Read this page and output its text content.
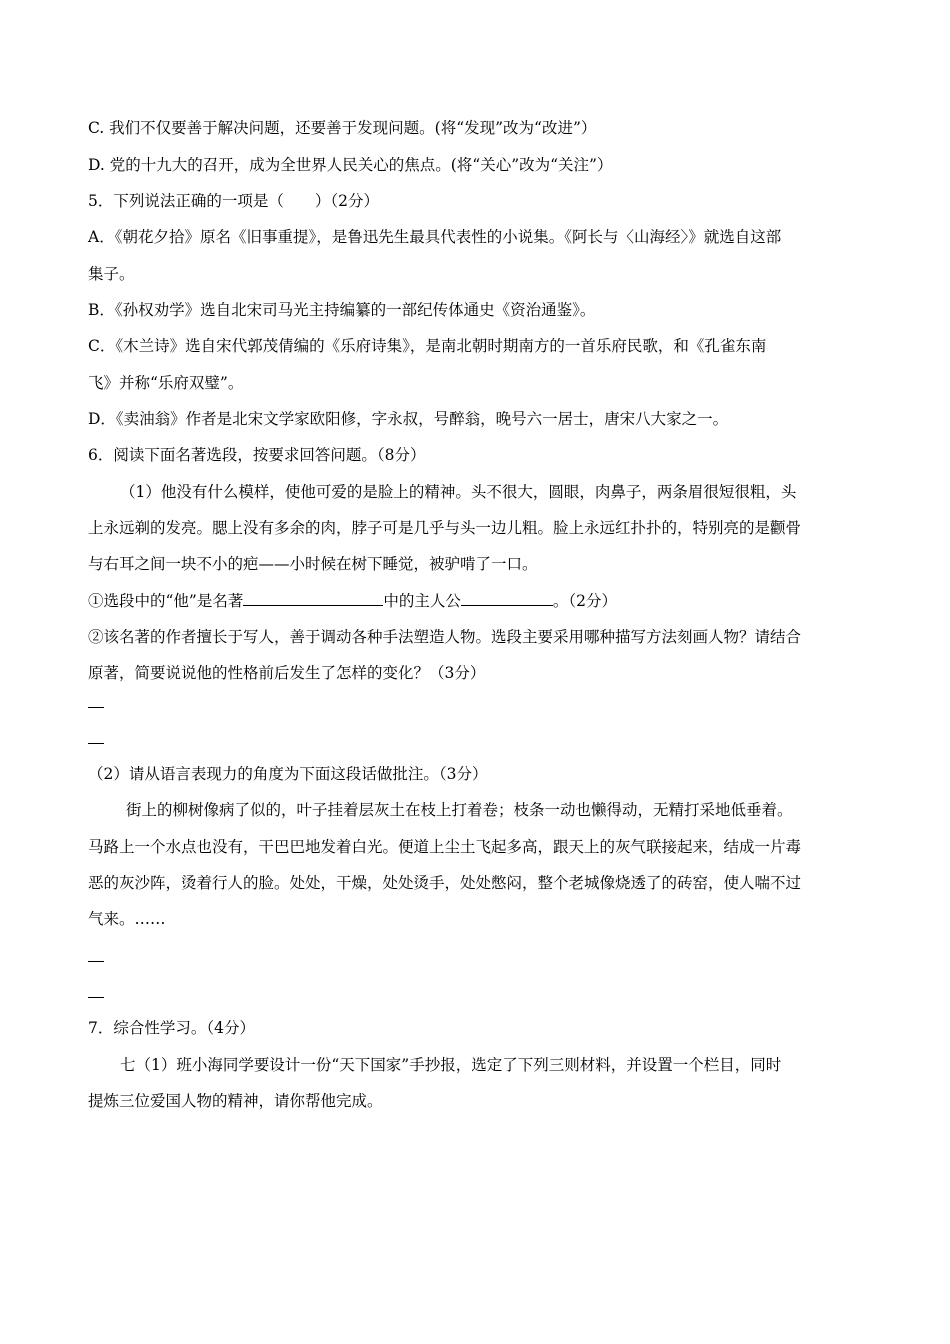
C. 我们不仅要善于解决问题，还要善于发现问题。(将“发现”改为“改进”）
D. 党的十九大的召开，成为全世界人民关心的焦点。(将“关心”改为“关注”）
5．下列说法正确的一项是（　　）（2分）
A．《朝花夕拾》原名《旧事重提》，是鲁迅先生最具代表性的小说集。《阿长与〈山海经〉》就选自这部
集子。
B．《孙权劝学》选自北宋司马光主持编纂的一部纪传体通史《资治通鉴》。
C．《木兰诗》选自宋代郭茂倩编的《乐府诗集》，是南北朝时期南方的一首乐府民歌，和《孔雀东南
飞》并称“乐府双璧”。
D．《卖油翁》作者是北宋文学家欧阳修，字永叔，号醉翁，晚号六一居士，唐宋八大家之一。
6．阅读下面名著选段，按要求回答问题。（8分）
（1）他没有什么模样，使他可爱的是脸上的精神。头不很大，圆眼，肉鼻子，两条眉很短很粗，头
上永远剃的发亮。腮上没有多余的肉，脖子可是几乎与头一边儿粗。脸上永远红扑扑的，特别亮的是颧骨
与右耳之间一块不小的疤——小时候在树下睡觉，被驴啃了一口。
①选段中的“他”是名著	中的主人公	。（2分）
②该名著的作者擅长于写人，善于调动各种手法塑造人物。选段主要采用哪种描写方法刻画人物？请结合
原著，简要说说他的性格前后发生了怎样的变化？（3分）
（2）请从语言表现力的角度为下面这段话做批注。（3分）
街上的柳树像病了似的，叶子挂着层灰土在枝上打着卷；枝条一动也懒得动，无精打采地低垂着。
马路上一个水点也没有，干巴巴地发着白光。便道上尘土飞起多高，跟天上的灰气联接起来，结成一片毒
恶的灰沙阵，烫着行人的脸。处处，干燥，处处烫手，处处憋闷，整个老城像烧透了的砖窑，使人喘不过
气来。……
7．综合性学习。（4分）
七（1）班小海同学要设计一份“天下国家”手抄报，选定了下列三则材料，并设置一个栏目，同时
提炼三位爱国人物的精神，请你帮他完成。
